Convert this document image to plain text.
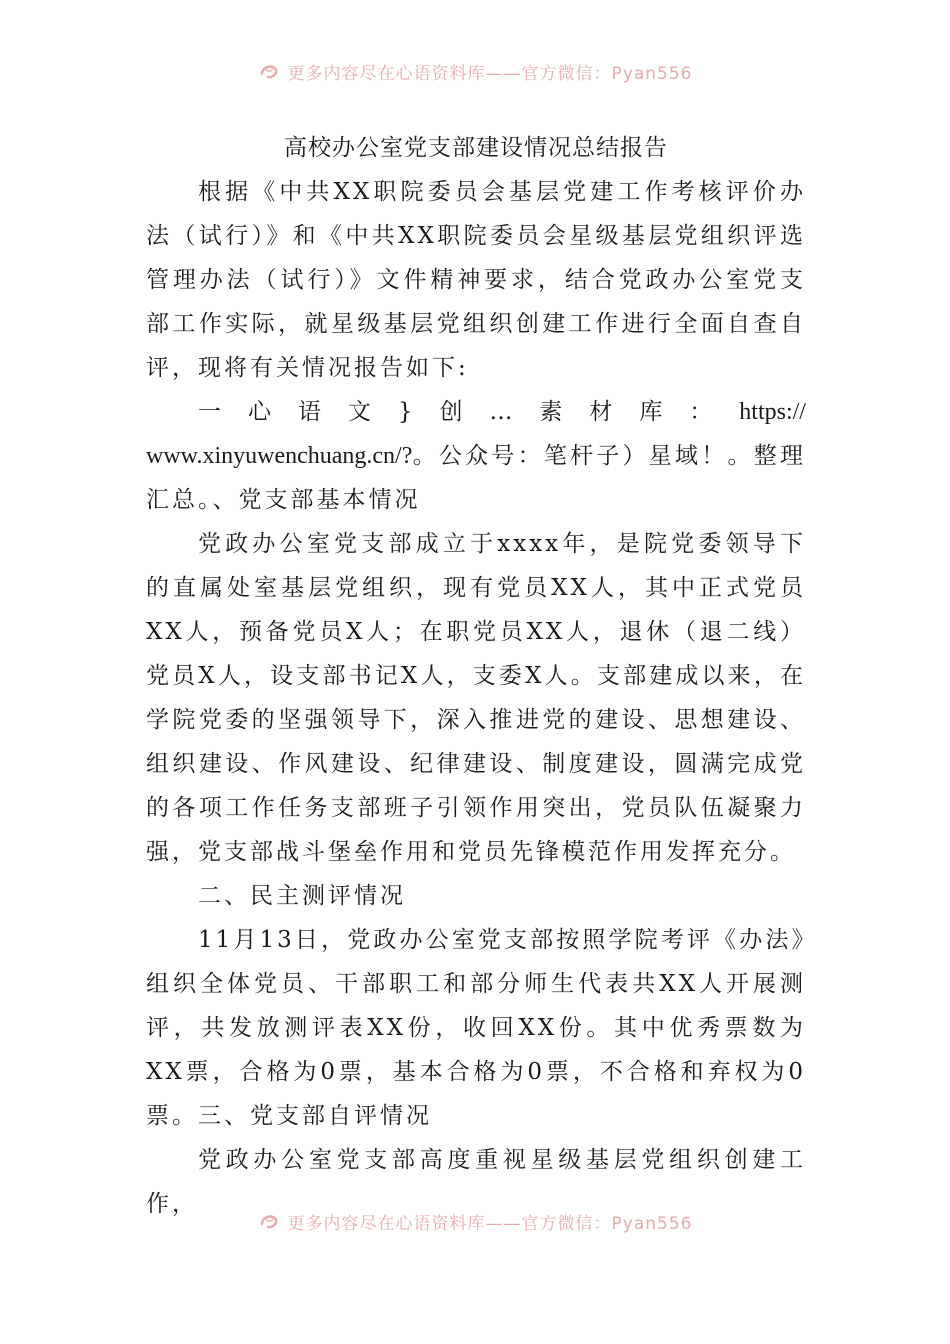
更多内容尽在心语资料库——官方微信：Pyan556

高校办公室党支部建设情况总结报告

根据《中共XX职院委员会基层党建工作考核评价办法（试行）》和《中共XX职院委员会星级基层党组织评选管理办法（试行）》文件精神要求，结合党政办公室党支部工作实际，就星级基层党组织创建工作进行全面自查自评，现将有关情况报告如下:

一 心 语 文 } 创 … 素 材 库 ： https://

www.xinyuwenchuang.cn/?。公众号：笔杆子）星域！。整理汇总。、党支部基本情况

党政办公室党支部成立于xxxx年，是院党委领导下的直属处室基层党组织，现有党员XX人，其中正式党员XX人，预备党员X人；在职党员XX人，退休（退二线）党员X人，设支部书记X人，支委X人。支部建成以来，在学院党委的坚强领导下，深入推进党的建设、思想建设、组织建设、作风建设、纪律建设、制度建设，圆满完成党的各项工作任务支部班子引领作用突出，党员队伍凝聚力强，党支部战斗堡垒作用和党员先锋模范作用发挥充分。

二、民主测评情况

11月13日，党政办公室党支部按照学院考评《办法》组织全体党员、干部职工和部分师生代表共XX人开展测评，共发放测评表XX份，收回XX份。其中优秀票数为XX票，合格为0票，基本合格为0票，不合格和弃权为0票。三、党支部自评情况

党政办公室党支部高度重视星级基层党组织创建工作，

更多内容尽在心语资料库——官方微信：Pyan556
